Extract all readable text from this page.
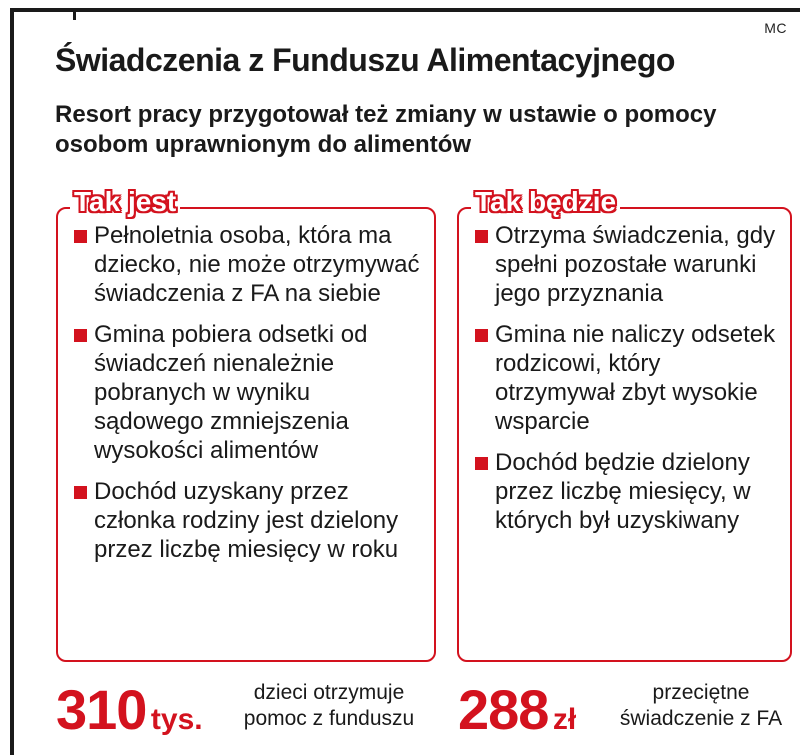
MC
Świadczenia z Funduszu Alimentacyjnego

Resort pracy przygotował też zmiany w ustawie o pomocy osobom uprawnionym do alimentów

Tak jest
Pełnoletnia osoba, która ma dziecko, nie może otrzymywać świadczenia z FA na siebie
Gmina pobiera odsetki od świadczeń nienależnie pobranych w wyniku sądowego zmniejszenia wysokości alimentów
Dochód uzyskany przez członka rodziny jest dzielony przez liczbę miesięcy w roku
Tak będzie
Otrzyma świadczenia, gdy spełni pozostałe warunki jego przyznania
Gmina nie naliczy odsetek rodzicowi, który otrzymywał zbyt wysokie wsparcie
Dochód będzie dzielony przez liczbę miesięcy, w których był uzyskiwany
310 tys.
dzieci otrzymuje
pomoc z funduszu 288 zł
przeciętne
świadczenie z FA
